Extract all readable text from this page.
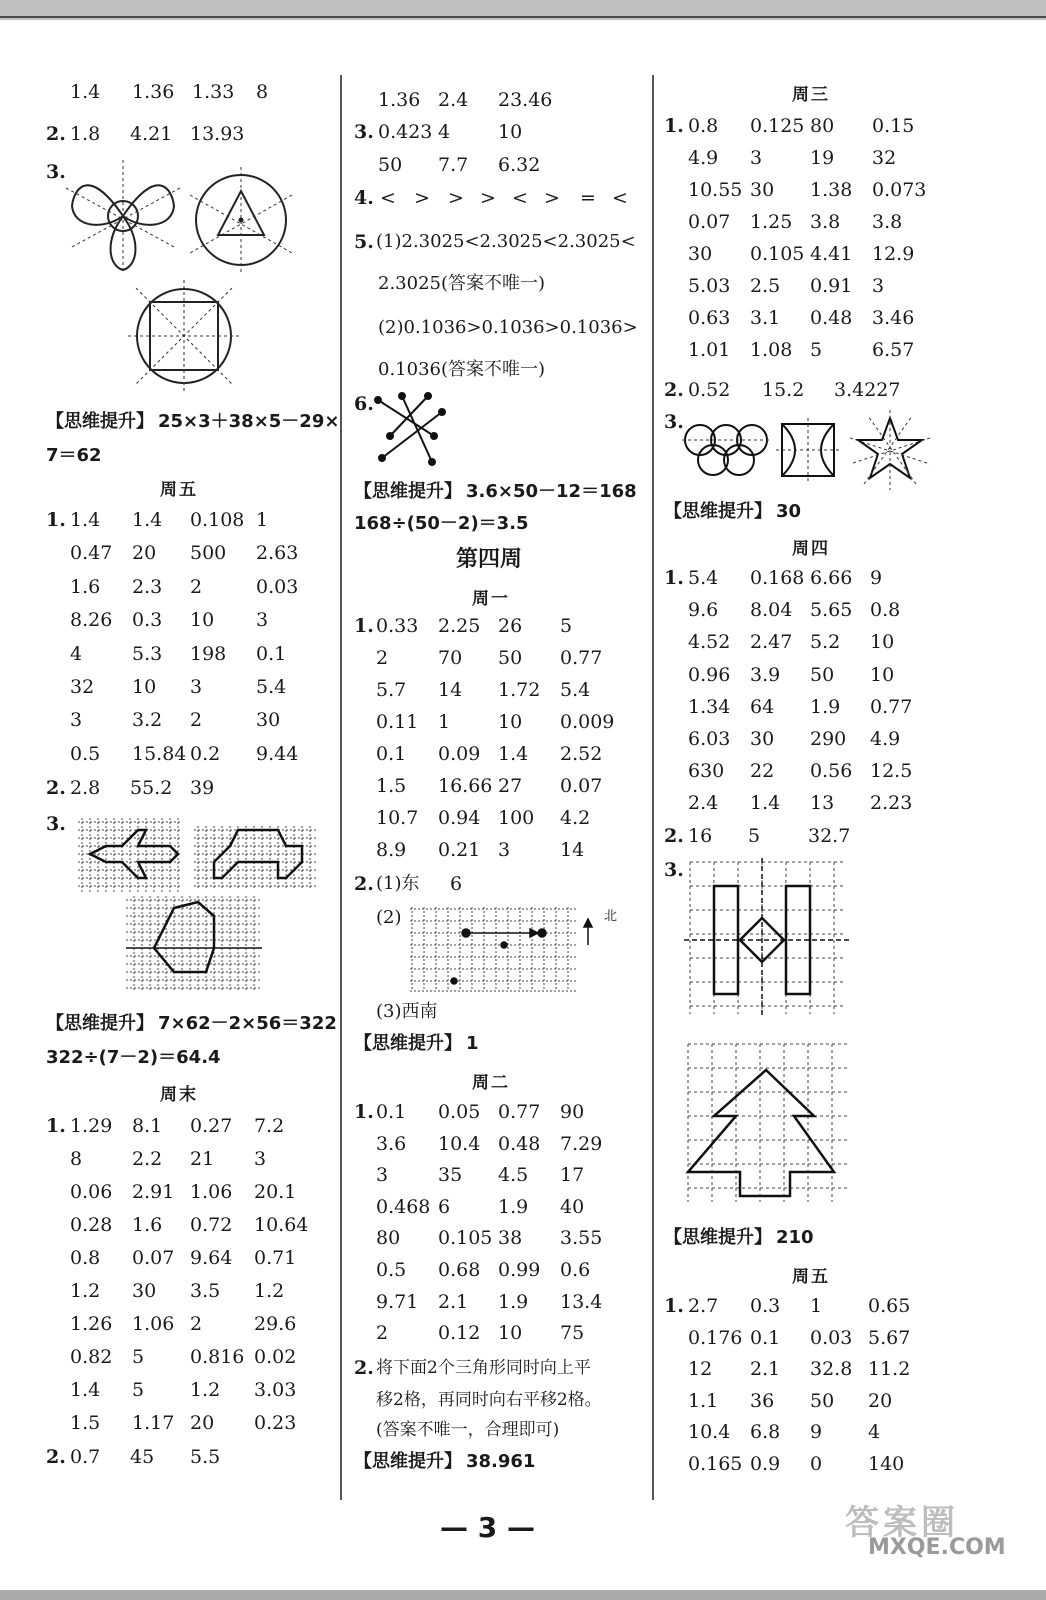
1.4 1.36 1.33 8
2. 1.8 4.21 13.93
3.
【思维提升】 25×3＋38×5－29×
7＝62
周五
1. 1.4 1.4 0.108 1
0.47 20 500 2.63
1.6 2.3 2	0.03
8.26 0.3 10 3
4	5.3 198 0.1
32 10 3	5.4
3	3.2 2	30
0.5 15.84 0.2 9.44
2. 2.8 55.2 39
3.
【思维提升】 7×62－2×56＝322
322÷(7－2)＝64.4
周末
1. 1.29 8.1 0.27 7.2
8	2.2 21 3
0.06 2.91 1.06 20.1
0.28 1.6 0.72 10.64
0.8 0.07 9.64 0.71
1.2 30 3.5 1.2
1.26 1.06 2	29.6
0.82 5 0.816 0.02
1.4 5 1.2 3.03
1.5 1.17 20 0.23
2. 0.7 45 5.5
1.36 2.4 23.46
3. 0.423 4	10
50 7.7 6.32
4. < > > > < > = <
5. (1)2.3025<2.3025<2.3025<
2.3025(答案不唯一)
(2)0.1036>0.1036>0.1036>
0.1036(答案不唯一)
6.
【思维提升】 3.6×50－12＝168
168÷(50－2)＝3.5
第四周
周一
1. 0.33 2.25 26 5
2	70 50 0.77
5.7 14 1.72 5.4
0.11 1	10 0.009
0.1 0.09 1.4 2.52
1.5 16.66 27 0.07
10.7 0.94 100 4.2
8.9 0.21 3	14
2. (1)东 6
(2)	北
(3)西南
【思维提升】 1
周二
1. 0.1 0.05 0.77 90
3.6 10.4 0.48 7.29
3	35 4.5 17
0.468 6	1.9 40
80 0.105 38 3.55
0.5 0.68 0.99 0.6
9.71 2.1 1.9 13.4
2	0.12 10 75
2. 将下面2个三角形同时向上平
移2格，再同时向右平移2格。
(答案不唯一，合理即可)
【思维提升】 38.961
周三
1. 0.8 0.125 80 0.15
4.9 3	19 32
10.55 30 1.38 0.073
0.07 1.25 3.8 3.8
30 0.105 4.41 12.9
5.03 2.5 0.91 3
0.63 3.1 0.48 3.46
1.01 1.08 5	6.57
2. 0.52 15.2 3.4227
3.
【思维提升】 30
周四
1. 5.4 0.168 6.66 9
9.6 8.04 5.65 0.8
4.52 2.47 5.2 10
0.96 3.9 50 10
1.34 64 1.9 0.77
6.03 30 290 4.9
630 22 0.56 12.5
2.4 1.4 13 2.23
2. 16 5	32.7
3.
【思维提升】 210
周五
1. 2.7 0.3 1 0.65
0.176 0.1 0.03 5.67
12 2.1 32.8 11.2
1.1 36 50 20
10.4 6.8 9 4
0.165 0.9 0 140
— 3 —	答案圈
MXQE.COM
